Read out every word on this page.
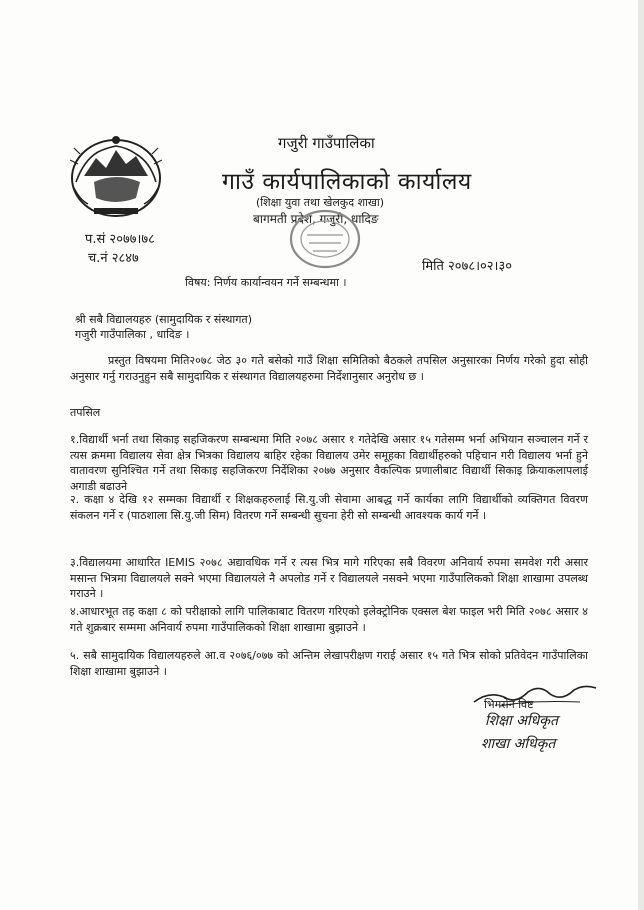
गजुरी गाउँपालिका
गाउँ कार्यपालिकाको कार्यालय
(शिक्षा युवा तथा खेलकुद शाखा)
बागमती प्रदेश, गजुरी, धादिङ
प.सं २०७७।७८
च.नं २८४७
मिति २०७८।०२।३०
विषय: निर्णय कार्यान्वयन गर्ने सम्बन्धमा ।
श्री सबै विद्यालयहरु (सामुदायिक र संस्थागत)
गजुरी गाउँपालिका , धादिङ ।
प्रस्तुत विषयमा मिति२०७८ जेठ ३० गते बसेको गाउँ शिक्षा समितिको बैठकले तपसिल अनुसारका निर्णय गरेको हुदा सोही अनुसार गर्नु गराउनुहुन सबै सामुदायिक र संस्थागत विद्यालयहरुमा निर्देशानुसार अनुरोध छ ।
तपसिल
१.विद्यार्थी भर्ना तथा सिकाइ सहजिकरण सम्बन्धमा मिति २०७८ असार १ गतेदेखि असार १५ गतेसम्म भर्ना अभियान सञ्चालन गर्ने र त्यस क्रममा विद्यालय सेवा क्षेत्र भित्रका विद्यालय बाहिर रहेका विद्यालय उमेर समूहका विद्यार्थीहरुको पहिचान गरी विद्यालय भर्ना हुने वातावरण सुनिश्चित गर्ने तथा सिकाइ सहजिकरण निर्देशिका २०७७ अनुसार वैकल्पिक प्रणालीबाट विद्यार्थी सिकाइ क्रियाकलापलाई अगाडी बढाउने
२. कक्षा ४ देखि १२ सम्मका विद्यार्थी र शिक्षकहरुलाई सि.यु.जी सेवामा आबद्ध गर्ने कार्यका लागि विद्यार्थीको व्यक्तिगत विवरण संकलन गर्ने र (पाठशाला सि.यु.जी सिम) वितरण गर्ने सम्बन्धी सुचना हेरी सो सम्बन्धी आवश्यक कार्य गर्ने ।
३.विद्यालयमा आधारित IEMIS २०७८ अद्यावधिक गर्ने र त्यस भित्र मागे गरिएका सबै विवरण अनिवार्य रुपमा समवेश गरी असार मसान्त भित्रमा विद्यालयले सक्ने भएमा विद्यालयले नै अपलोड गर्ने र विद्यालयले नसक्ने भएमा गाउँपालिकको शिक्षा शाखामा उपलब्ध गराउने ।
४.आधारभूत तह कक्षा ८ को परीक्षाको लागि पालिकाबाट वितरण गरिएको इलेक्ट्रोनिक एक्सल बेश फाइल भरी मिति २०७८ असार ४ गते शुक्रबार सम्ममा अनिवार्य रुपमा गाउँपालिकको शिक्षा शाखामा बुझाउने ।
५. सबै सामुदायिक विद्यालयहरुले आ.व २०७६/०७७ को अन्तिम लेखापरीक्षण गराई असार १५ गते भित्र सोको प्रतिवेदन गाउँपालिका शिक्षा शाखामा बुझाउने ।
भिमसेन विष्ट
शिक्षा अधिकृत
शाखा अधिकृत
